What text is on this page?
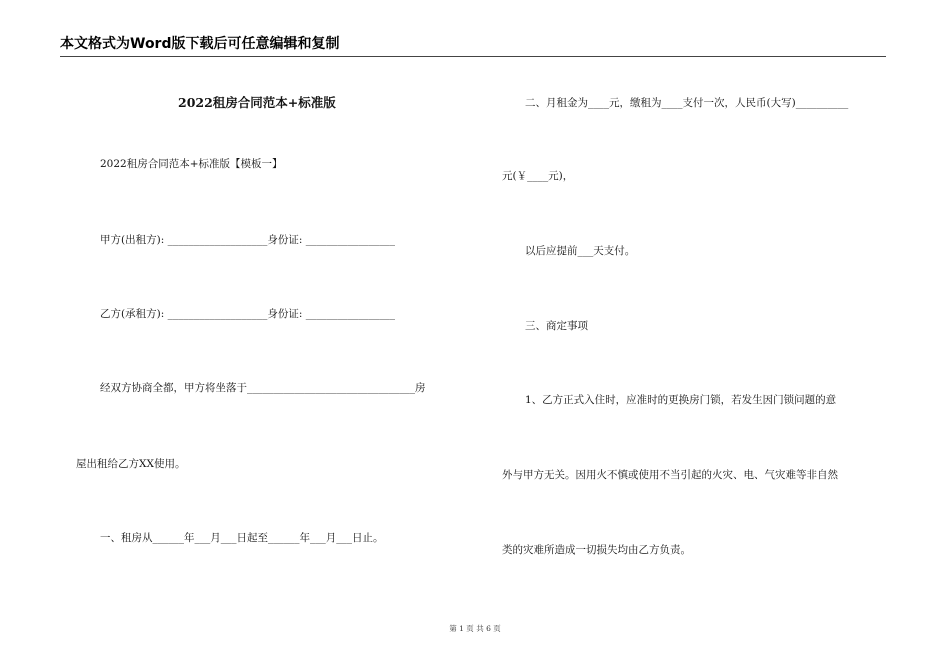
本文格式为Word版下载后可任意编辑和复制
2022租房合同范本+标准版
2022租房合同范本+标准版【模板一】
甲方(出租方): ___________________身份证: _________________
乙方(承租方): ___________________身份证: _________________
经双方协商全都，甲方将坐落于________________________________房
屋出租给乙方XX使用。
一、租房从______年___月___日起至______年___月___日止。
二、月租金为____元，缴租为____支付一次，人民币(大写)__________
元(￥____元)，
以后应提前___天支付。
三、商定事项
1、乙方正式入住时，应准时的更换房门锁，若发生因门锁问题的意
外与甲方无关。因用火不慎或使用不当引起的火灾、电、气灾难等非自然
类的灾难所造成一切损失均由乙方负责。
第 1 页 共 6 页
